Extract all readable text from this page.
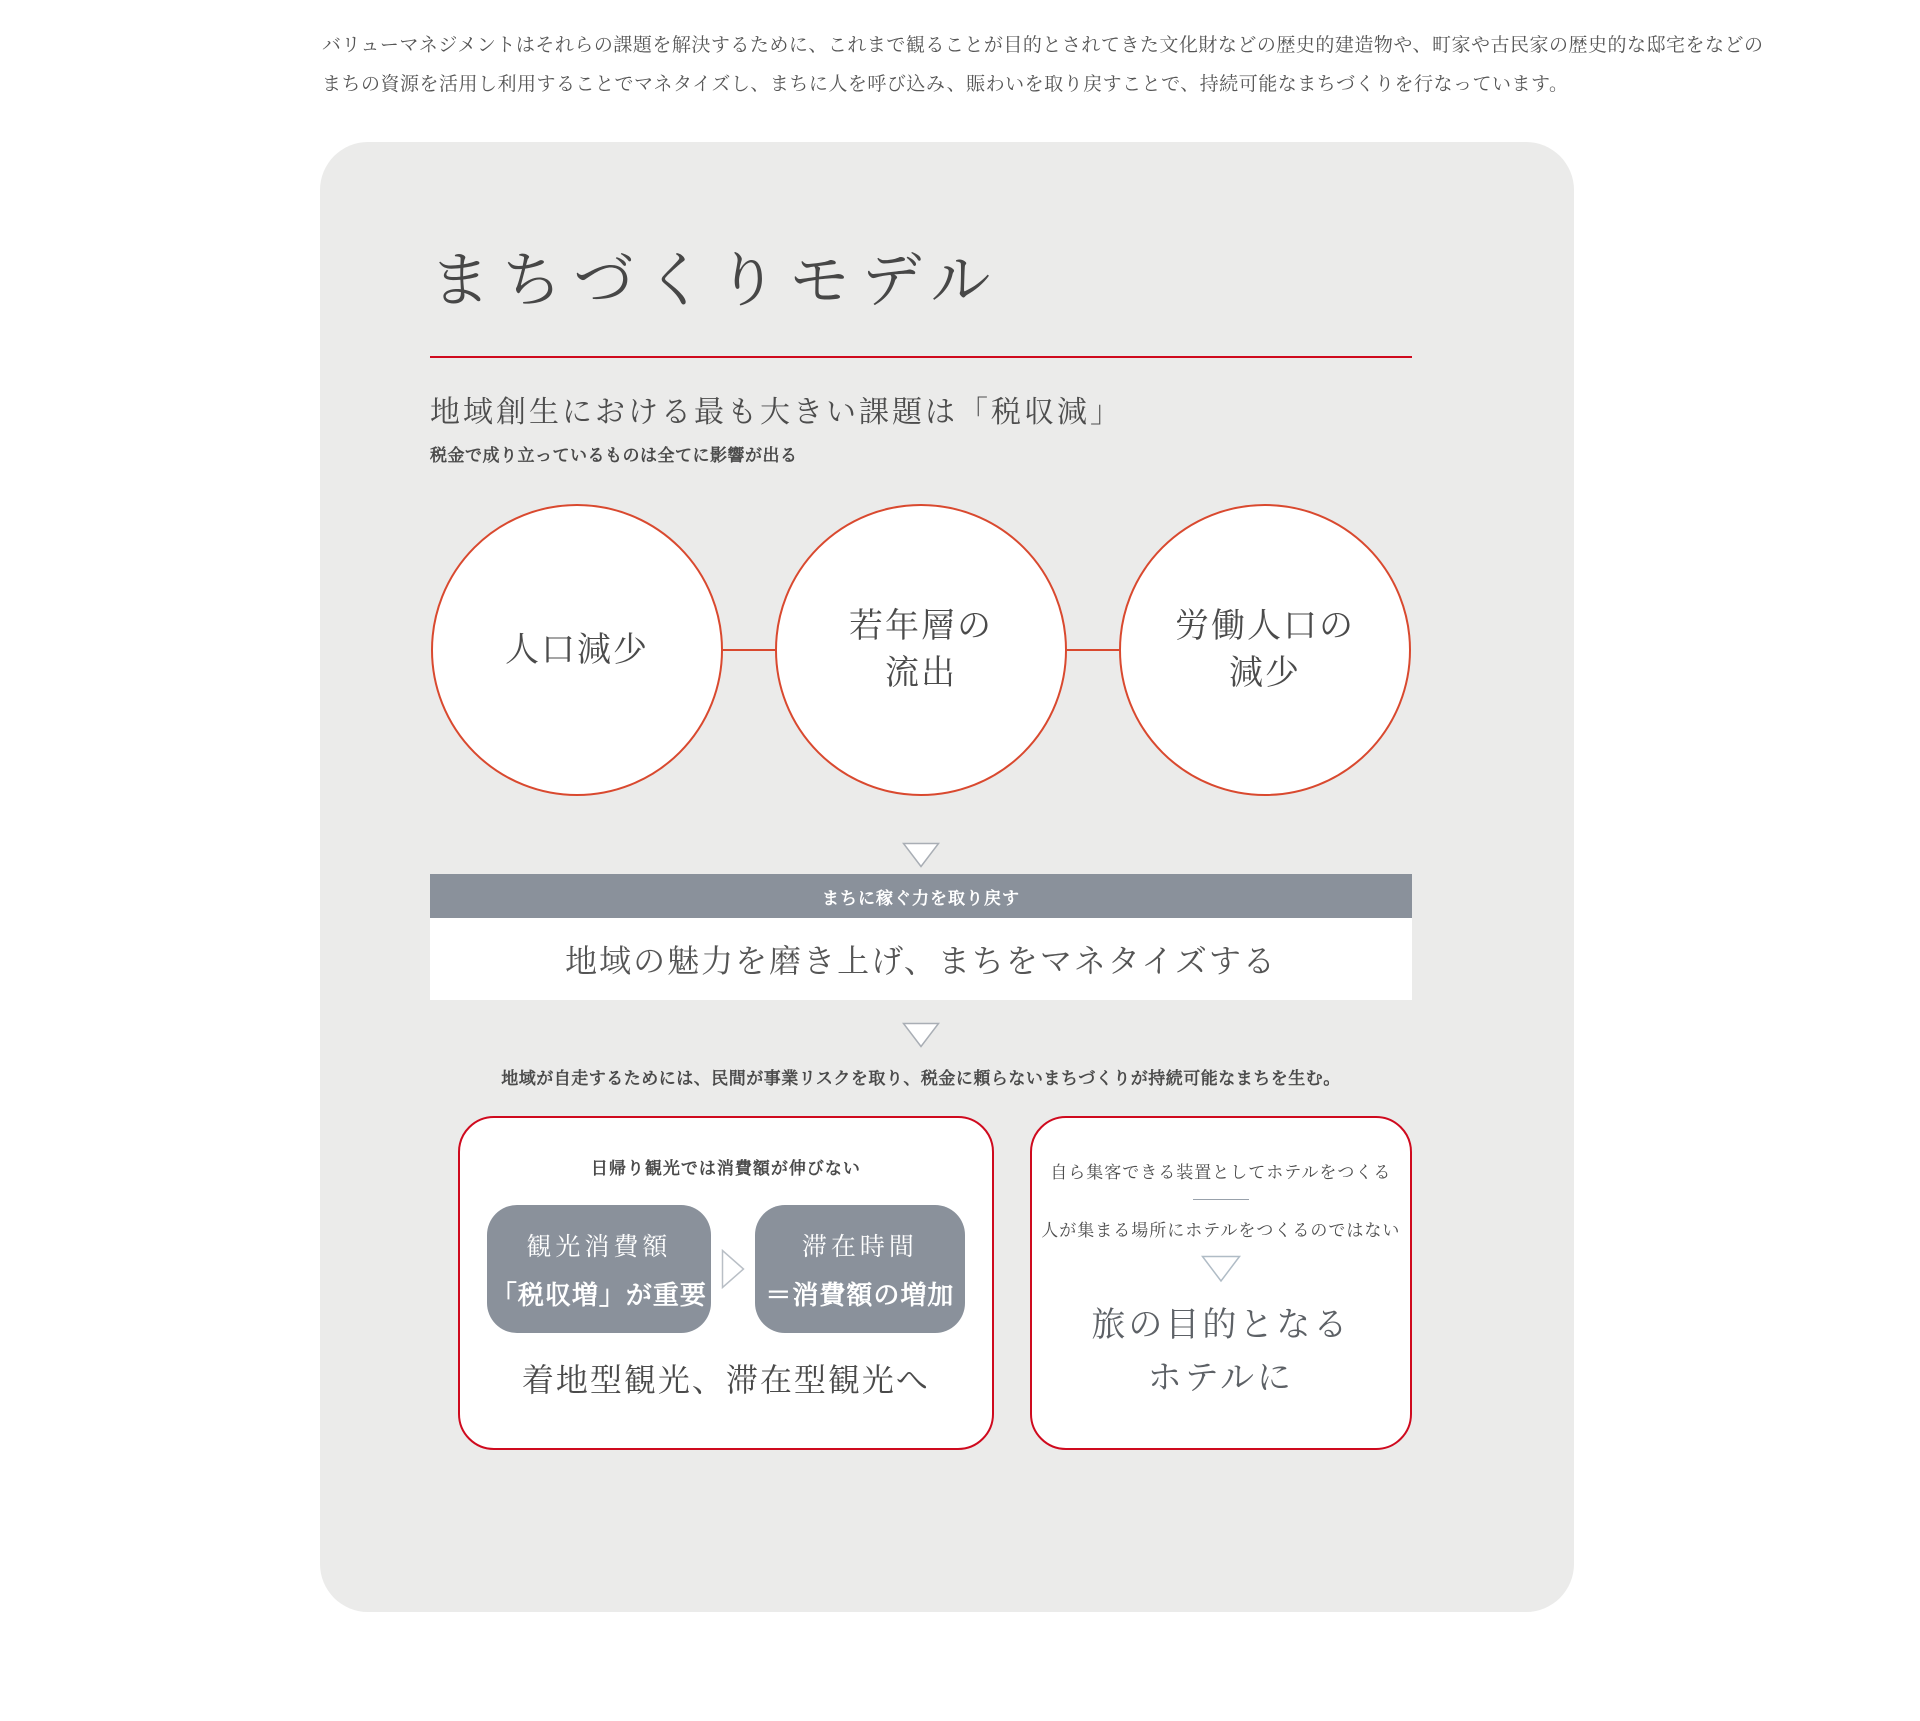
バリューマネジメントはそれらの課題を解決するために、これまで観ることが目的とされてきた文化財などの歴史的建造物や、町家や古民家の歴史的な邸宅をなどの
まちの資源を活用し利用することでマネタイズし、まちに人を呼び込み、賑わいを取り戻すことで、持続可能なまちづくりを行なっています。
まちづくりモデル
地域創生における最も大きい課題は「税収減」

税金で成り立っているものは全てに影響が出る

人口減少
若年層の
流出
労働人口の
減少
まちに稼ぐ力を取り戻す
地域の魅力を磨き上げ、まちをマネタイズする

地域が自走するためには、民間が事業リスクを取り、税金に頼らないまちづくりが持続可能なまちを生む。

日帰り観光では消費額が伸びない
観光消費額
「税収増」が重要
滞在時間
＝消費額の増加
着地型観光、滞在型観光へ
自ら集客できる装置としてホテルをつくる
人が集まる場所にホテルをつくるのではない
旅の目的となる
ホテルに
